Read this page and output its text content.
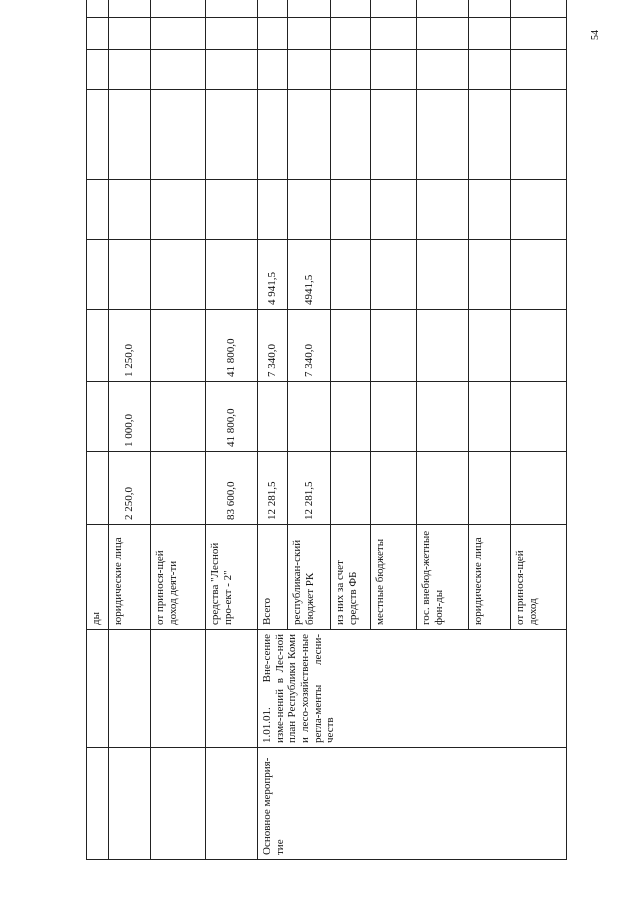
54
		ды									
		юридические лица	2 250,0	1 000,0	1 250,0						
		от принося-щей доход деят-ти									
		средства "Лесной про-ект - 2"	83 600,0	41 800,0	41 800,0						
Основное мероприя-тие	1.01.01. Вне-сение изме-нений в Лес-ной план Республики Коми и лесо-хозяйствен-ные регла-менты лесни-честв	Всего	12 281,5		7 340,0	4 941,5					
		республикан-ский бюджет РК	12 281,5		7 340,0	4941,5					
		из них за счет средств ФБ									
		местные бюджеты									
		гос. внебюд-жетные фон-ды									
		юридические лица									
		от принося-щей доход									
